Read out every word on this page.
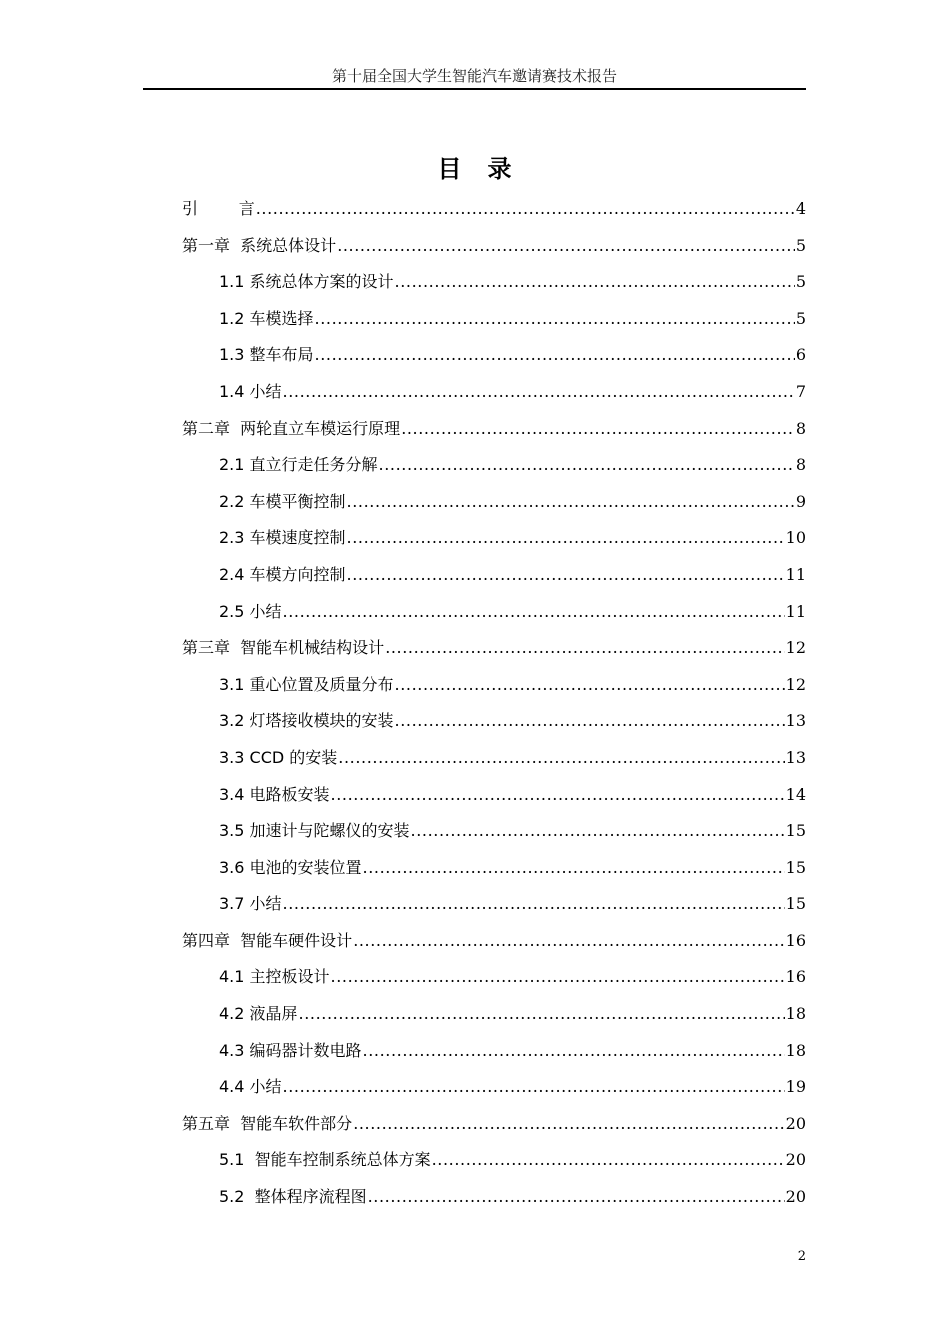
第十届全国大学生智能汽车邀请赛技术报告
目录
引        言 .....	4
第一章  系统总体设计 .....	5
1.1 系统总体方案的设计 .....	5
1.2 车模选择 .....	5
1.3 整车布局 .....	6
1.4 小结 .....	7
第二章  两轮直立车模运行原理 .....	8
2.1 直立行走任务分解 .....	8
2.2 车模平衡控制 .....	9
2.3 车模速度控制 .....	10
2.4 车模方向控制 .....	11
2.5 小结 .....	11
第三章  智能车机械结构设计 .....	12
3.1 重心位置及质量分布 .....	12
3.2 灯塔接收模块的安装 .....	13
3.3 CCD 的安装 .....	13
3.4 电路板安装 .....	14
3.5 加速计与陀螺仪的安装 .....	15
3.6 电池的安装位置 .....	15
3.7 小结 .....	15
第四章  智能车硬件设计 .....	16
4.1 主控板设计 .....	16
4.2 液晶屏 .....	18
4.3 编码器计数电路 .....	18
4.4 小结 .....	19
第五章  智能车软件部分 .....	20
5.1  智能车控制系统总体方案 .....	20
5.2  整体程序流程图 .....	20
2
